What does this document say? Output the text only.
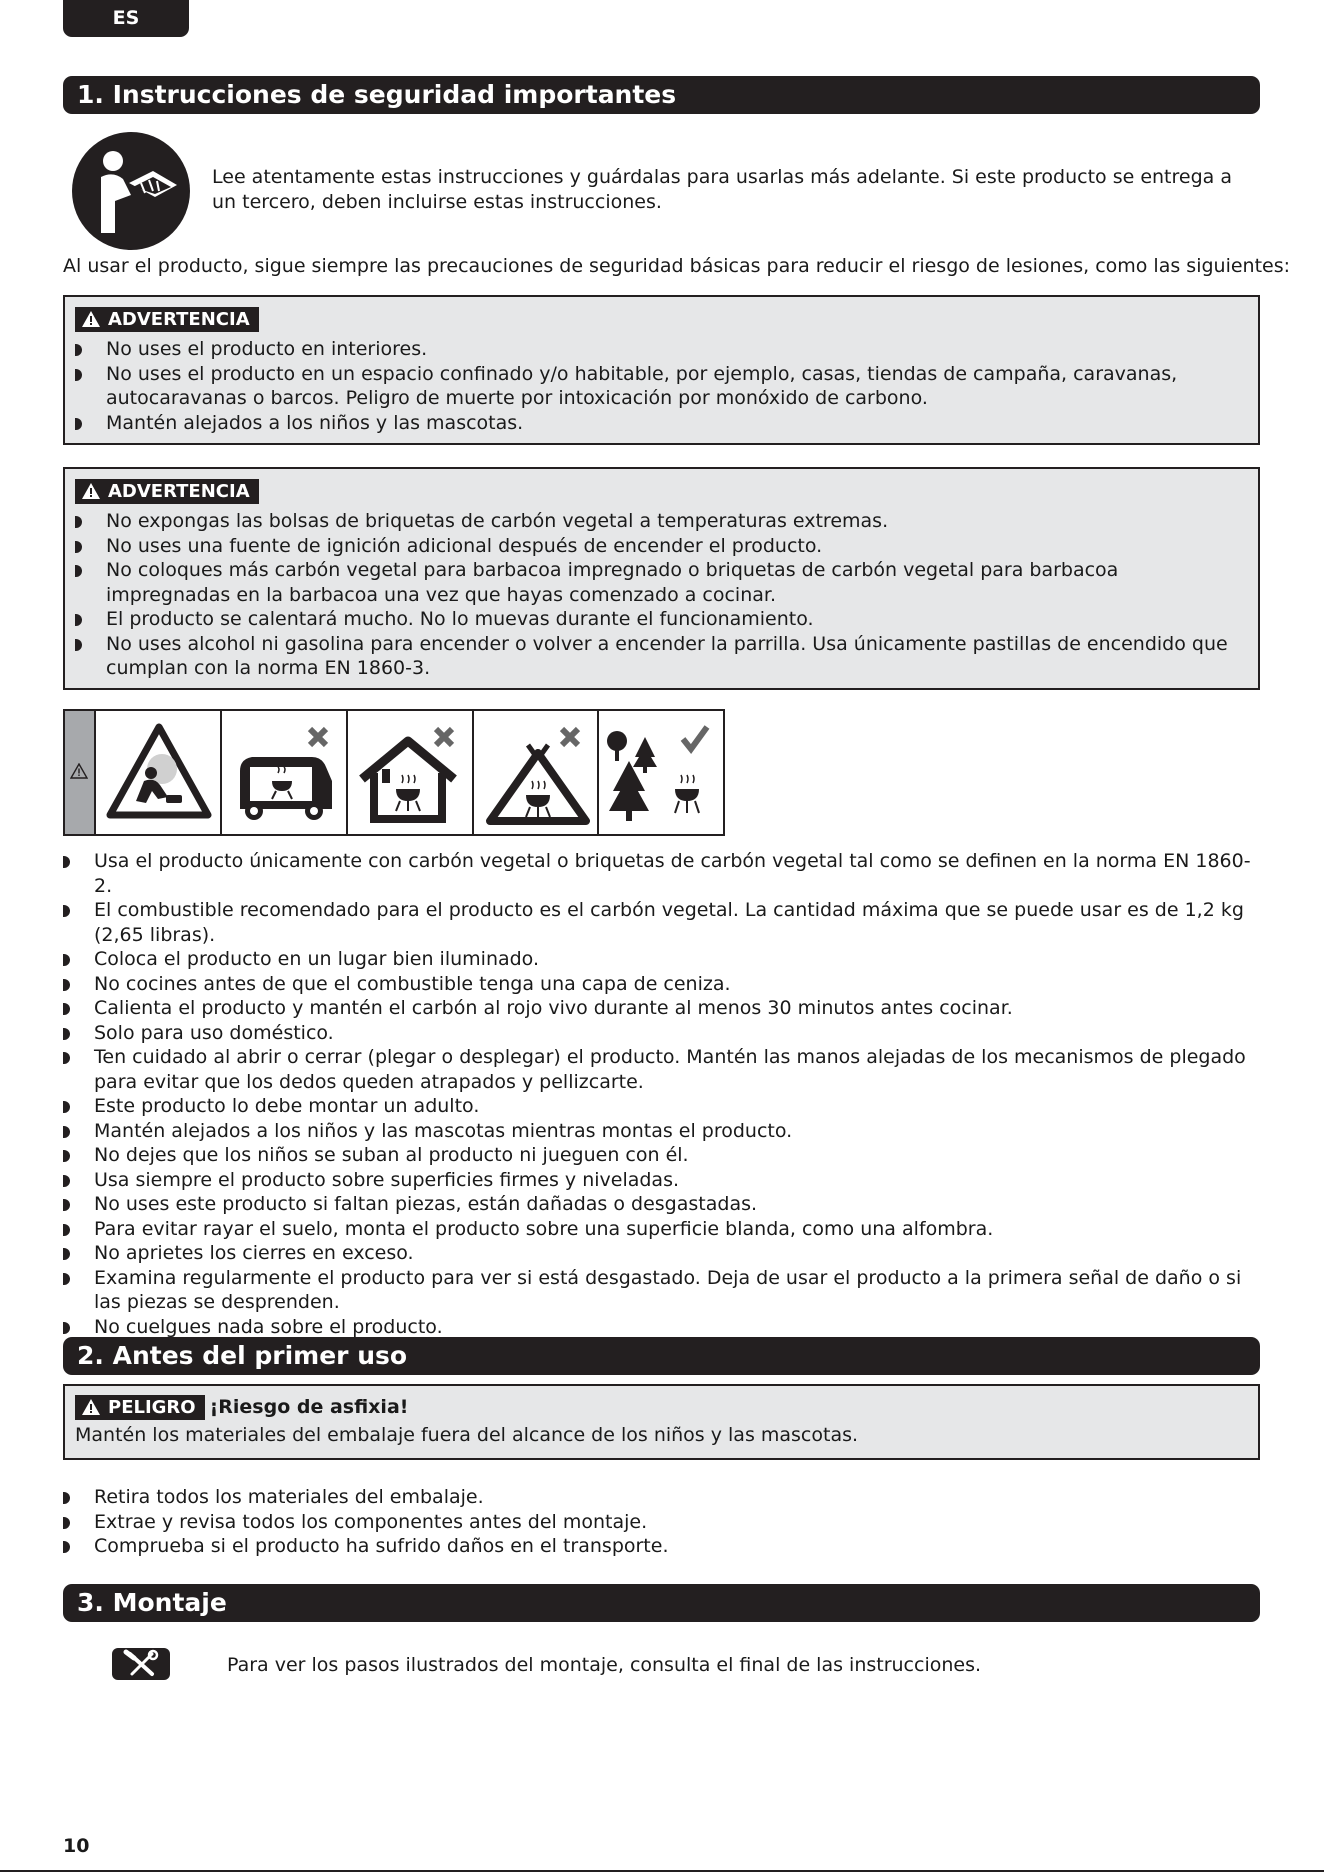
ES
1. Instrucciones de seguridad importantes
Lee atentamente estas instrucciones y guárdalas para usarlas más adelante. Si este producto se entrega a un tercero, deben incluirse estas instrucciones.
Al usar el producto, sigue siempre las precauciones de seguridad básicas para reducir el riesgo de lesiones, como las siguientes:
ADVERTENCIA
No uses el producto en interiores.
No uses el producto en un espacio confinado y/o habitable, por ejemplo, casas, tiendas de campaña, caravanas, autocaravanas o barcos. Peligro de muerte por intoxicación por monóxido de carbono.
Mantén alejados a los niños y las mascotas.
ADVERTENCIA
No expongas las bolsas de briquetas de carbón vegetal a temperaturas extremas.
No uses una fuente de ignición adicional después de encender el producto.
No coloques más carbón vegetal para barbacoa impregnado o briquetas de carbón vegetal para barbacoa impregnadas en la barbacoa una vez que hayas comenzado a cocinar.
El producto se calentará mucho. No lo muevas durante el funcionamiento.
No uses alcohol ni gasolina para encender o volver a encender la parrilla. Usa únicamente pastillas de encendido que cumplan con la norma EN 1860-3.
Usa el producto únicamente con carbón vegetal o briquetas de carbón vegetal tal como se definen en la norma EN 1860-2.
El combustible recomendado para el producto es el carbón vegetal. La cantidad máxima que se puede usar es de 1,2 kg (2,65 libras).
Coloca el producto en un lugar bien iluminado.
No cocines antes de que el combustible tenga una capa de ceniza.
Calienta el producto y mantén el carbón al rojo vivo durante al menos 30 minutos antes cocinar.
Solo para uso doméstico.
Ten cuidado al abrir o cerrar (plegar o desplegar) el producto. Mantén las manos alejadas de los mecanismos de plegado para evitar que los dedos queden atrapados y pellizcarte.
Este producto lo debe montar un adulto.
Mantén alejados a los niños y las mascotas mientras montas el producto.
No dejes que los niños se suban al producto ni jueguen con él.
Usa siempre el producto sobre superficies firmes y niveladas.
No uses este producto si faltan piezas, están dañadas o desgastadas.
Para evitar rayar el suelo, monta el producto sobre una superficie blanda, como una alfombra.
No aprietes los cierres en exceso.
Examina regularmente el producto para ver si está desgastado. Deja de usar el producto a la primera señal de daño o si las piezas se desprenden.
No cuelgues nada sobre el producto.
2. Antes del primer uso
PELIGRO ¡Riesgo de asfixia!
Mantén los materiales del embalaje fuera del alcance de los niños y las mascotas.
Retira todos los materiales del embalaje.
Extrae y revisa todos los componentes antes del montaje.
Comprueba si el producto ha sufrido daños en el transporte.
3. Montaje
Para ver los pasos ilustrados del montaje, consulta el final de las instrucciones.
10
